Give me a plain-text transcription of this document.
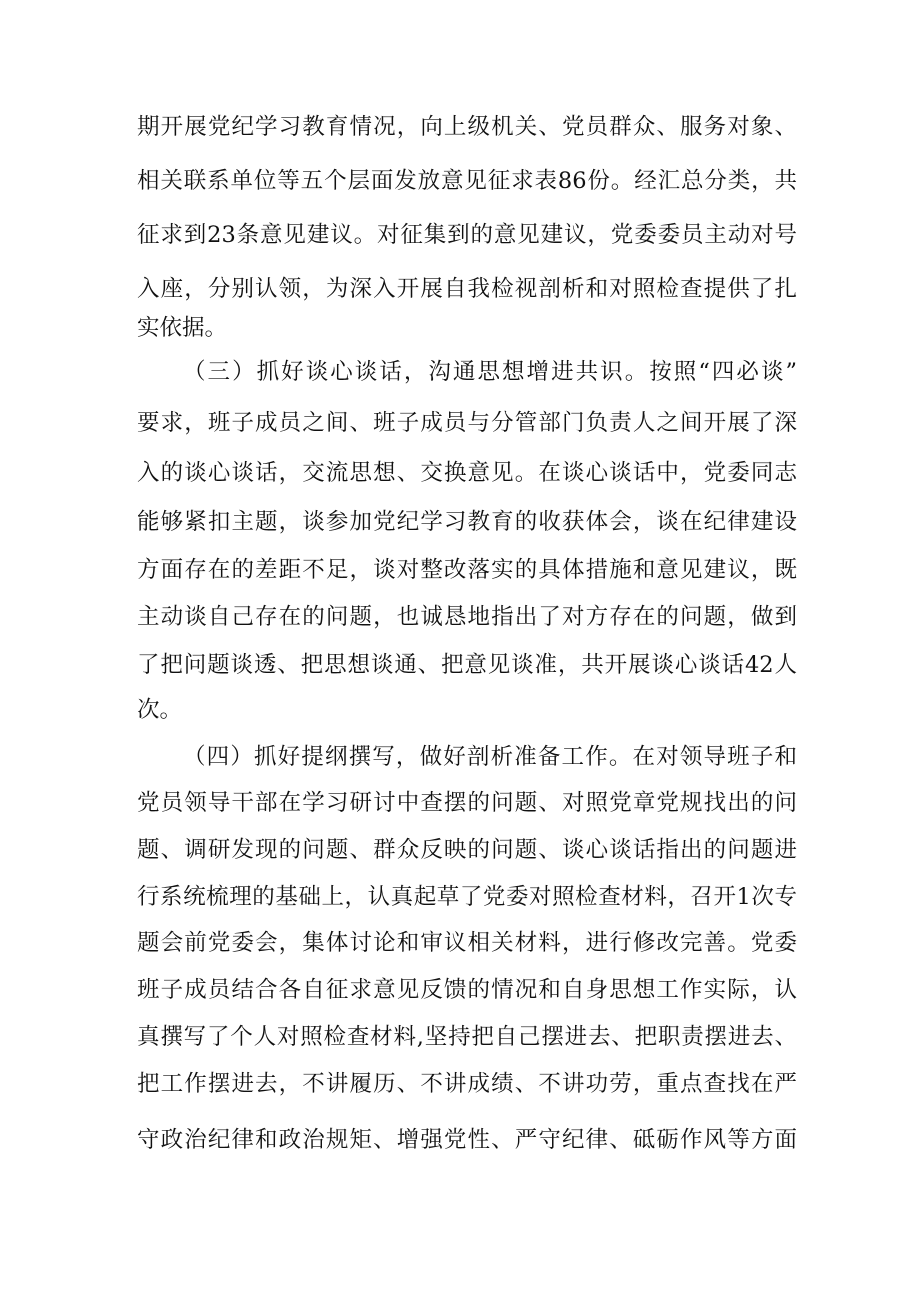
期开展党纪学习教育情况，向上级机关、党员群众、服务对象、
相关联系单位等五个层面发放意见征求表86份。经汇总分类，共
征求到23条意见建议。对征集到的意见建议，党委委员主动对号
入座，分别认领，为深入开展自我检视剖析和对照检查提供了扎
实依据。
（三）抓好谈心谈话，沟通思想增进共识。按照“四必谈”
要求，班子成员之间、班子成员与分管部门负责人之间开展了深
入的谈心谈话，交流思想、交换意见。在谈心谈话中，党委同志
能够紧扣主题，谈参加党纪学习教育的收获体会，谈在纪律建设
方面存在的差距不足，谈对整改落实的具体措施和意见建议，既
主动谈自己存在的问题，也诚恳地指出了对方存在的问题，做到
了把问题谈透、把思想谈通、把意见谈准，共开展谈心谈话42人
次。
（四）抓好提纲撰写，做好剖析准备工作。在对领导班子和
党员领导干部在学习研讨中查摆的问题、对照党章党规找出的问
题、调研发现的问题、群众反映的问题、谈心谈话指出的问题进
行系统梳理的基础上，认真起草了党委对照检查材料，召开1次专
题会前党委会，集体讨论和审议相关材料，进行修改完善。党委
班子成员结合各自征求意见反馈的情况和自身思想工作实际，认
真撰写了个人对照检查材料,坚持把自己摆进去、把职责摆进去、
把工作摆进去，不讲履历、不讲成绩、不讲功劳，重点查找在严
守政治纪律和政治规矩、增强党性、严守纪律、砥砺作风等方面
